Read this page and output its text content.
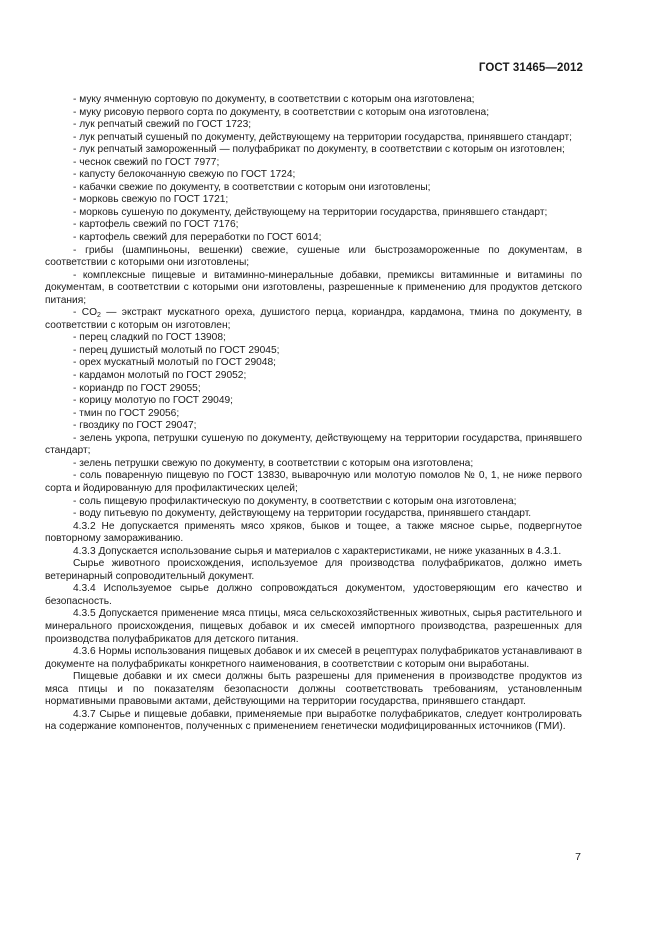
ГОСТ 31465—2012

- муку ячменную сортовую по документу, в соответствии с которым она изготовлена;

- муку рисовую первого сорта по документу, в соответствии с которым она изготовлена;

- лук репчатый свежий по ГОСТ 1723;

- лук репчатый сушеный по документу, действующему на территории государства, принявшего стандарт;

- лук репчатый замороженный — полуфабрикат по документу, в соответствии с которым он изготовлен;

- чеснок свежий по ГОСТ 7977;

- капусту белокочанную свежую по ГОСТ 1724;

- кабачки свежие по документу, в соответствии с которым они изготовлены;

- морковь свежую по ГОСТ 1721;

- морковь сушеную по документу, действующему на территории государства, принявшего стандарт;

- картофель свежий по ГОСТ 7176;

- картофель свежий для переработки по ГОСТ 6014;

- грибы (шампиньоны, вешенки) свежие, сушеные или быстрозамороженные по документам, в соответствии с которыми они изготовлены;

- комплексные пищевые и витаминно-минеральные добавки, премиксы витаминные и витамины по документам, в соответствии с которыми они изготовлены, разрешенные к применению для продуктов детского питания;

- $CO_2$ — экстракт мускатного ореха, душистого перца, кориандра, кардамона, тмина по документу, в соответствии с которым он изготовлен;

- перец сладкий по ГОСТ 13908;

- перец душистый молотый по ГОСТ 29045;

- орех мускатный молотый по ГОСТ 29048;

- кардамон молотый по ГОСТ 29052;

- кориандр по ГОСТ 29055;

- корицу молотую по ГОСТ 29049;

- тмин по ГОСТ 29056;

- гвоздику по ГОСТ 29047;

- зелень укропа, петрушки сушеную по документу, действующему на территории государства, принявшего стандарт;

- зелень петрушки свежую по документу, в соответствии с которым она изготовлена;

- соль поваренную пищевую по ГОСТ 13830, выварочную или молотую помолов № 0, 1, не ниже первого сорта и йодированную для профилактических целей;

- соль пищевую профилактическую по документу, в соответствии с которым она изготовлена;

- воду питьевую по документу, действующему на территории государства, принявшего стандарт.

4.3.2 Не допускается применять мясо хряков, быков и тощее, а также мясное сырье, подвергнутое повторному замораживанию.

4.3.3 Допускается использование сырья и материалов с характеристиками, не ниже указанных в 4.3.1.

Сырье животного происхождения, используемое для производства полуфабрикатов, должно иметь ветеринарный сопроводительный документ.

4.3.4 Используемое сырье должно сопровождаться документом, удостоверяющим его качество и безопасность.

4.3.5 Допускается применение мяса птицы, мяса сельскохозяйственных животных, сырья растительного и минерального происхождения, пищевых добавок и их смесей импортного производства, разрешенных для производства полуфабрикатов для детского питания.

4.3.6 Нормы использования пищевых добавок и их смесей в рецептурах полуфабрикатов устанавливают в документе на полуфабрикаты конкретного наименования, в соответствии с которым они выработаны.

Пищевые добавки и их смеси должны быть разрешены для применения в производстве продуктов из мяса птицы и по показателям безопасности должны соответствовать требованиям, установленным нормативными правовыми актами, действующими на территории государства, принявшего стандарт.

4.3.7 Сырье и пищевые добавки, применяемые при выработке полуфабрикатов, следует контролировать на содержание компонентов, полученных с применением генетически модифицированных источников (ГМИ).

7
